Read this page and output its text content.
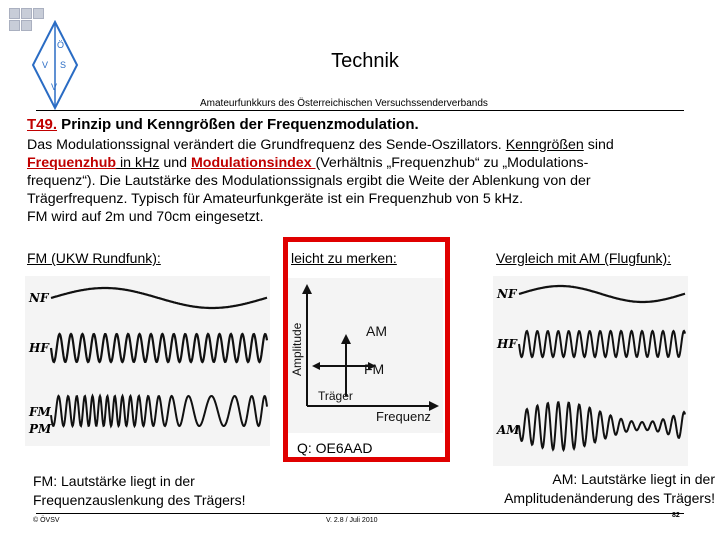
Ö
V S
V
Technik
Amateurfunkkurs des Österreichischen Versuchssenderverbands
T49. Prinzip und Kenngrößen der Frequenzmodulation.
Das Modulationssignal verändert die Grundfrequenz des Sende-Oszillators. Kenngrößen sind
Frequenzhub in kHz und Modulationsindex (Verhältnis „Frequenzhub“ zu „Modulations-
frequenz“). Die Lautstärke des Modulationssignals ergibt die Weite der Ablenkung von der
Trägerfrequenz. Typisch für Amateurfunkgeräte ist ein Frequenzhub von 5 kHz.
FM wird auf 2m und 70cm eingesetzt.
FM (UKW Rundfunk):	leicht zu merken:	Vergleich mit AM (Flugfunk):
NF
HF
FM
PM
Amplitude	AM
FM
Träger
Frequenz
Q: OE6AAD
NF
HF
AM
FM: Lautstärke liegt in der
Frequenzauslenkung des Trägers!
AM: Lautstärke liegt in der
Amplitudenänderung des Trägers!
© ÖVSV	V. 2.8 / Juli 2010
82
